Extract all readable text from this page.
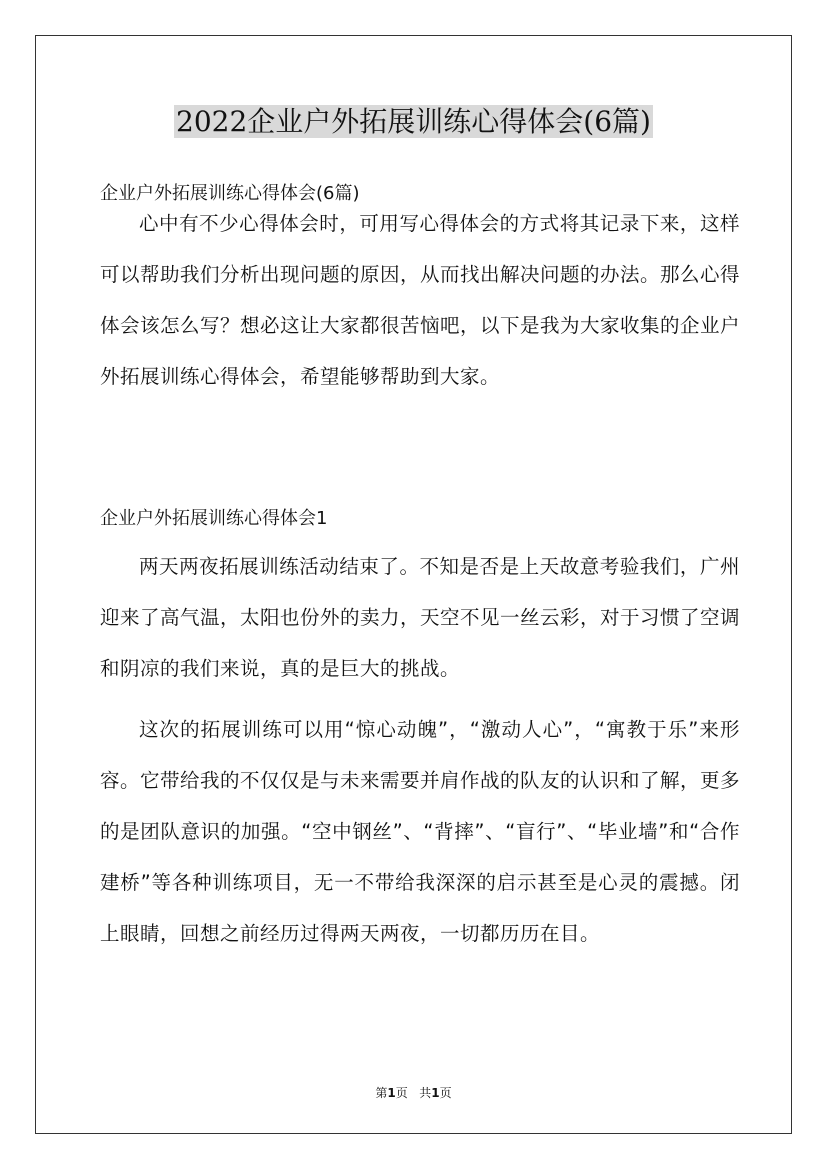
2022企业户外拓展训练心得体会(6篇)
企业户外拓展训练心得体会(6篇)
心中有不少心得体会时，可用写心得体会的方式将其记录下来，这样可以帮助我们分析出现问题的原因，从而找出解决问题的办法。那么心得体会该怎么写？想必这让大家都很苦恼吧，以下是我为大家收集的企业户外拓展训练心得体会，希望能够帮助到大家。
企业户外拓展训练心得体会1
两天两夜拓展训练活动结束了。不知是否是上天故意考验我们，广州迎来了高气温，太阳也份外的卖力，天空不见一丝云彩，对于习惯了空调和阴凉的我们来说，真的是巨大的挑战。
这次的拓展训练可以用“惊心动魄”，“激动人心”，“寓教于乐”来形容。它带给我的不仅仅是与未来需要并肩作战的队友的认识和了解，更多的是团队意识的加强。“空中钢丝”、“背摔”、“盲行”、“毕业墙”和“合作建桥”等各种训练项目，无一不带给我深深的启示甚至是心灵的震撼。闭上眼睛，回想之前经历过得两天两夜，一切都历历在目。
第1页 共1页
